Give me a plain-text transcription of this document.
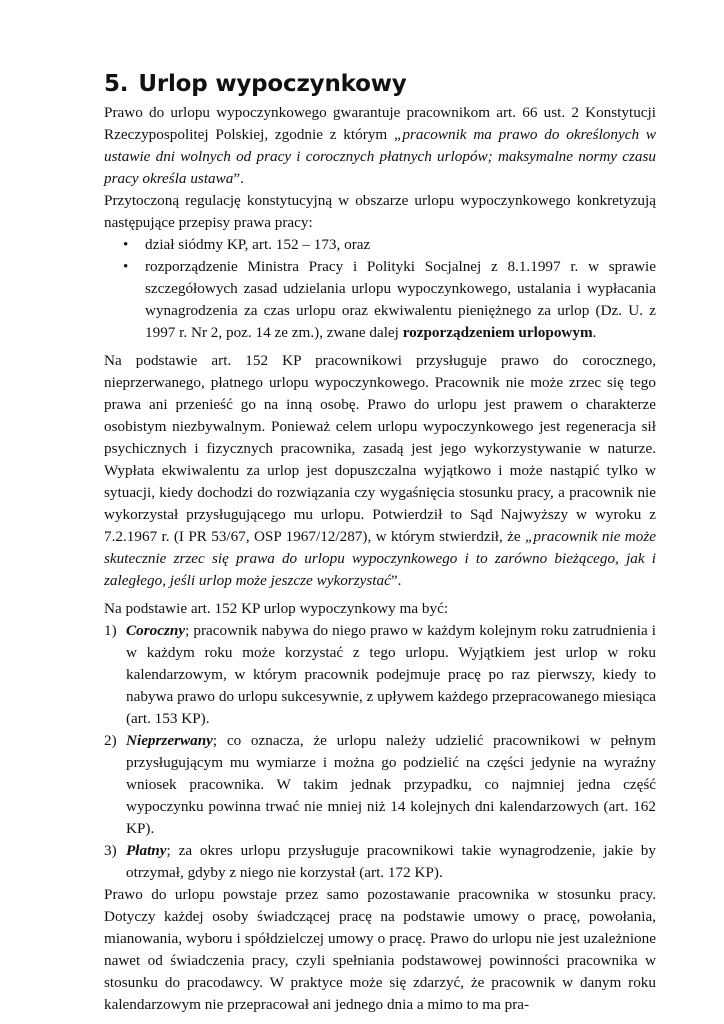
5. Urlop wypoczynkowy

Prawo do urlopu wypoczynkowego gwarantuje pracownikom art. 66 ust. 2 Konstytucji Rzeczypospolitej Polskiej, zgodnie z którym „pracownik ma prawo do określonych w ustawie dni wolnych od pracy i corocznych płatnych urlopów; maksymalne normy czasu pracy określa ustawa”.

Przytoczoną regulację konstytucyjną w obszarze urlopu wypoczynkowego konkretyzują następujące przepisy prawa pracy:

• dział siódmy KP, art. 152 – 173, oraz
• rozporządzenie Ministra Pracy i Polityki Socjalnej z 8.1.1997 r. w sprawie szczegółowych zasad udzielania urlopu wypoczynkowego, ustalania i wypłacania wynagrodzenia za czas urlopu oraz ekwiwalentu pieniężnego za urlop (Dz. U. z 1997 r. Nr 2, poz. 14 ze zm.), zwane dalej rozporządzeniem urlopowym.

Na podstawie art. 152 KP pracownikowi przysługuje prawo do corocznego, nieprzerwanego, płatnego urlopu wypoczynkowego. Pracownik nie może zrzec się tego prawa ani przenieść go na inną osobę. Prawo do urlopu jest prawem o charakterze osobistym niezbywalnym. Ponieważ celem urlopu wypoczynkowego jest regeneracja sił psychicznych i fizycznych pracownika, zasadą jest jego wykorzystywanie w naturze. Wypłata ekwiwalentu za urlop jest dopuszczalna wyjątkowo i może nastąpić tylko w sytuacji, kiedy dochodzi do rozwiązania czy wygaśnięcia stosunku pracy, a pracownik nie wykorzystał przysługującego mu urlopu. Potwierdził to Sąd Najwyższy w wyroku z 7.2.1967 r. (I PR 53/67, OSP 1967/12/287), w którym stwierdził, że „pracownik nie może skutecznie zrzec się prawa do urlopu wypoczynkowego i to zarówno bieżącego, jak i zaległego, jeśli urlop może jeszcze wykorzystać”.

Na podstawie art. 152 KP urlop wypoczynkowy ma być:

1) Coroczny; pracownik nabywa do niego prawo w każdym kolejnym roku zatrudnienia i w każdym roku może korzystać z tego urlopu. Wyjątkiem jest urlop w roku kalendarzowym, w którym pracownik podejmuje pracę po raz pierwszy, kiedy to nabywa prawo do urlopu sukcesywnie, z upływem każdego przepracowanego miesiąca (art. 153 KP).
2) Nieprzerwany; co oznacza, że urlopu należy udzielić pracownikowi w pełnym przysługującym mu wymiarze i można go podzielić na części jedynie na wyraźny wniosek pracownika. W takim jednak przypadku, co najmniej jedna część wypoczynku powinna trwać nie mniej niż 14 kolejnych dni kalendarzowych (art. 162 KP).
3) Płatny; za okres urlopu przysługuje pracownikowi takie wynagrodzenie, jakie by otrzymał, gdyby z niego nie korzystał (art. 172 KP).

Prawo do urlopu powstaje przez samo pozostawanie pracownika w stosunku pracy. Dotyczy każdej osoby świadczącej pracę na podstawie umowy o pracę, powołania, mianowania, wyboru i spółdzielczej umowy o pracę. Prawo do urlopu nie jest uzależnione nawet od świadczenia pracy, czyli spełniania podstawowej powinności pracownika w stosunku do pracodawcy. W praktyce może się zdarzyć, że pracownik w danym roku kalendarzowym nie przepracował ani jednego dnia a mimo to ma pra-
